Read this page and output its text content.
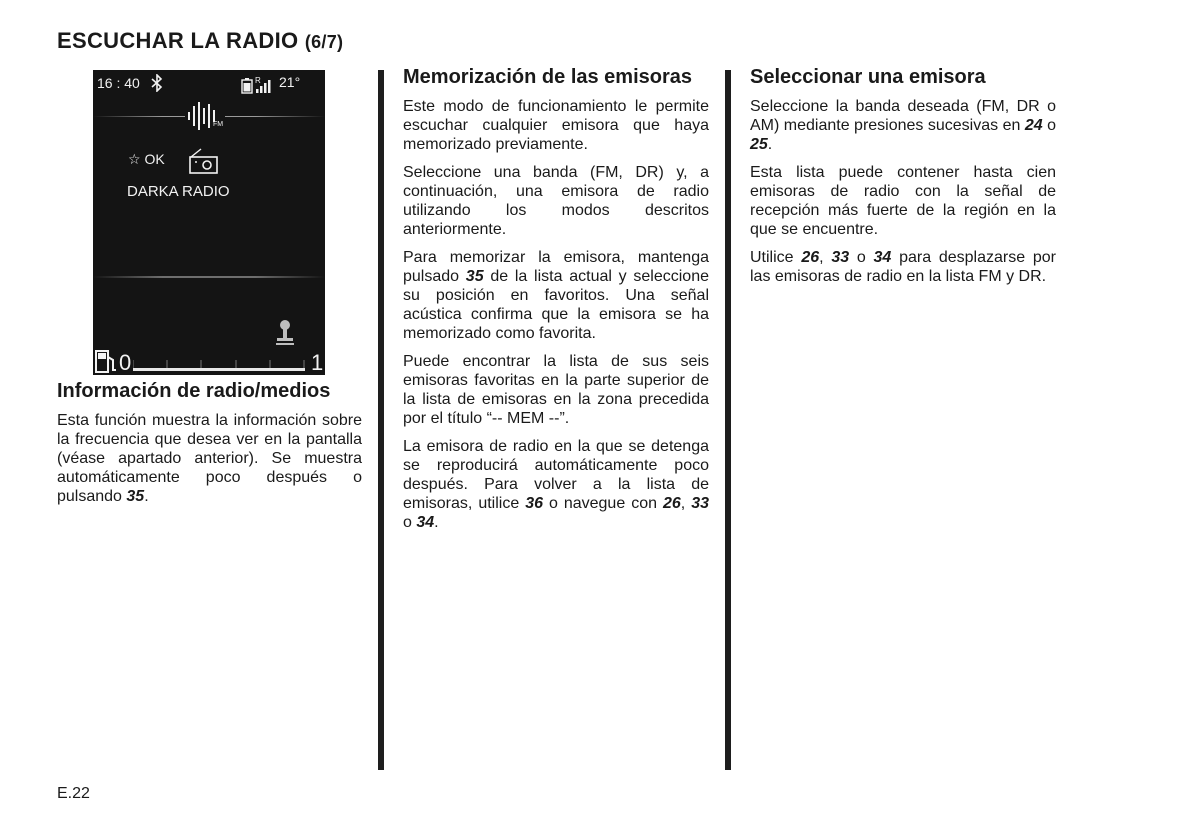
ESCUCHAR LA RADIO (6/7)
16 : 40	R 21°
FM
☆ OK
DARKA RADIO
0	1
Información de radio/medios

Esta función muestra la información sobre la frecuencia que desea ver en la pantalla (véase apartado anterior). Se muestra automáticamente poco después o pulsando 35.

Memorización de las emisoras

Este modo de funcionamiento le permite escuchar cualquier emisora que haya memorizado previamente.

Seleccione una banda (FM, DR) y, a continuación, una emisora de radio utilizando los modos descritos anteriormente.

Para memorizar la emisora, mantenga pulsado 35 de la lista actual y seleccione su posición en favoritos. Una señal acústica confirma que la emisora se ha memorizado como favorita.

Puede encontrar la lista de sus seis emisoras favoritas en la parte superior de la lista de emisoras en la zona precedida por el título “-- MEM --”.

La emisora de radio en la que se detenga se reproducirá automáticamente poco después. Para volver a la lista de emisoras, utilice 36 o navegue con 26, 33 o 34.

Seleccionar una emisora

Seleccione la banda deseada (FM, DR o AM) mediante presiones sucesivas en 24 o 25.

Esta lista puede contener hasta cien emisoras de radio con la señal de recepción más fuerte de la región en la que se encuentre.

Utilice 26, 33 o 34 para desplazarse por las emisoras de radio en la lista FM y DR.

E.22
